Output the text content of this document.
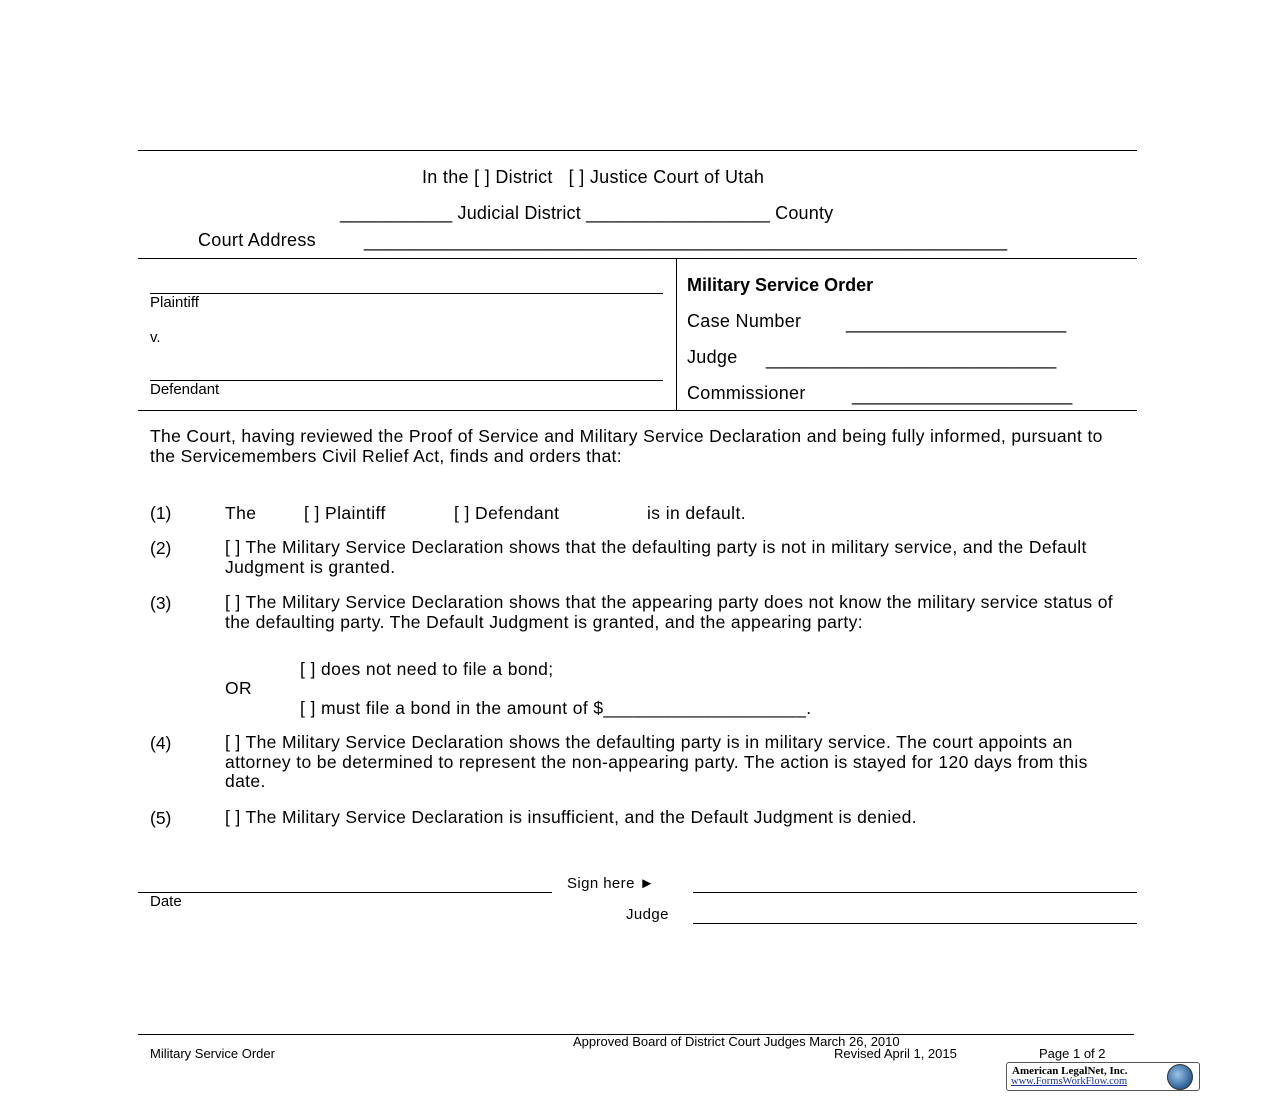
In the [ ] District   [ ] Justice Court of Utah
___________ Judicial District __________________ County
Court Address	_______________________________________________________________
Plaintiff
v.
Defendant
Military Service Order
Case Number ______________________
Judge _____________________________
Commissioner	______________________
The Court, having reviewed the Proof of Service and Military Service Declaration and being fully informed, pursuant to the Servicemembers Civil Relief Act, finds and orders that:
(1)	The	[ ] Plaintiff	[ ] Defendant	is in default.
(2)	[ ] The Military Service Declaration shows that the defaulting party is not in military service, and the Default Judgment is granted.
(3)	[ ] The Military Service Declaration shows that the appearing party does not know the military service status of the defaulting party. The Default Judgment is granted, and the appearing party:
[ ] does not need to file a bond;
OR
[ ] must file a bond in the amount of $____________________.
(4)	[ ] The Military Service Declaration shows the defaulting party is in military service. The court appoints an attorney to be determined to represent the non-appearing party. The action is stayed for 120 days from this date.
(5)	[ ] The Military Service Declaration is insufficient, and the Default Judgment is denied.
Date
Sign here ►
Judge
Approved Board of District Court Judges March 26, 2010
Military Service Order	Revised April 1, 2015	Page 1 of 2
American LegalNet, Inc.
www.FormsWorkFlow.com
